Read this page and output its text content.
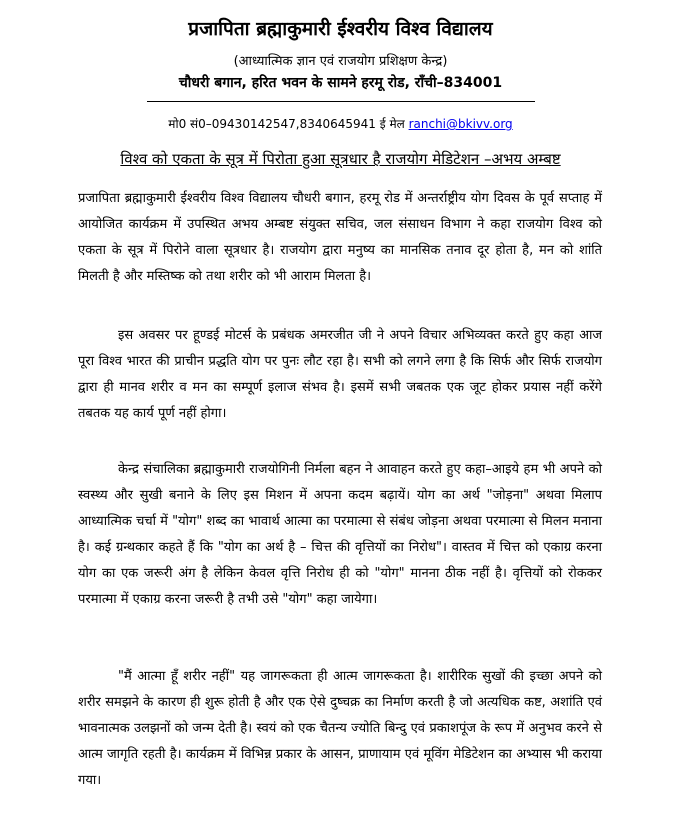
प्रजापिता ब्रह्माकुमारी ईश्वरीय विश्व विद्यालय
(आध्यात्मिक ज्ञान एवं राजयोग प्रशिक्षण केन्द्र)
चौधरी बगान, हरित भवन के सामने हरमू रोड, राँची–834001
मो0 सं0–09430142547,8340645941 ई मेल ranchi@bkivv.org
विश्व को एकता के सूत्र में पिरोता हुआ सूत्रधार है राजयोग मेडिटेशन –अभय अम्बष्ट

प्रजापिता ब्रह्माकुमारी ईश्वरीय विश्व विद्यालय चौधरी बगान, हरमू रोड में अन्तर्राष्ट्रीय योग दिवस के पूर्व सप्ताह में आयोजित कार्यक्रम में उपस्थित अभय अम्बष्ट संयुक्त सचिव, जल संसाधन विभाग ने कहा राजयोग विश्व को एकता के सूत्र में पिरोने वाला सूत्रधार है। राजयोग द्वारा मनुष्य का मानसिक तनाव दूर होता है, मन को शांति मिलती है और मस्तिष्क को तथा शरीर को भी आराम मिलता है।

इस अवसर पर हूण्डई मोटर्स के प्रबंधक अमरजीत जी ने अपने विचार अभिव्यक्त करते हुए कहा आज पूरा विश्व भारत की प्राचीन प्रद्धति योग पर पुनः लौट रहा है। सभी को लगने लगा है कि सिर्फ और सिर्फ राजयोग द्वारा ही मानव शरीर व मन का सम्पूर्ण इलाज संभव है। इसमें सभी जबतक एक जूट होकर प्रयास नहीं करेंगे तबतक यह कार्य पूर्ण नहीं होगा।

केन्द्र संचालिका ब्रह्माकुमारी राजयोगिनी निर्मला बहन ने आवाहन करते हुए कहा–आइये हम भी अपने को स्वस्थ्य और सुखी बनाने के लिए इस मिशन में अपना कदम बढ़ायें। योग का अर्थ "जोड़ना" अथवा मिलाप आध्यात्मिक चर्चा में "योग" शब्द का भावार्थ आत्मा का परमात्मा से संबंध जोड़ना अथवा परमात्मा से मिलन मनाना है। कई ग्रन्थकार कहते हैं कि "योग का अर्थ है – चित्त की वृत्तियों का निरोध"। वास्तव में चित्त को एकाग्र करना योग का एक जरूरी अंग है लेकिन केवल वृत्ति निरोध ही को "योग" मानना ठीक नहीं है। वृत्तियों को रोककर परमात्मा में एकाग्र करना जरूरी है तभी उसे "योग" कहा जायेगा।

"मैं आत्मा हूँ शरीर नहीं" यह जागरूकता ही आत्म जागरूकता है। शारीरिक सुखों की इच्छा अपने को शरीर समझने के कारण ही शुरू होती है और एक ऐसे दुष्चक्र का निर्माण करती है जो अत्यधिक कष्ट, अशांति एवं भावनात्मक उलझनों को जन्म देती है। स्वयं को एक चैतन्य ज्योति बिन्दु एवं प्रकाशपूंज के रूप में अनुभव करने से आत्म जागृति रहती है। कार्यक्रम में विभिन्न प्रकार के आसन, प्राणायाम एवं मूविंग मेडिटेशन का अभ्यास भी कराया गया।
